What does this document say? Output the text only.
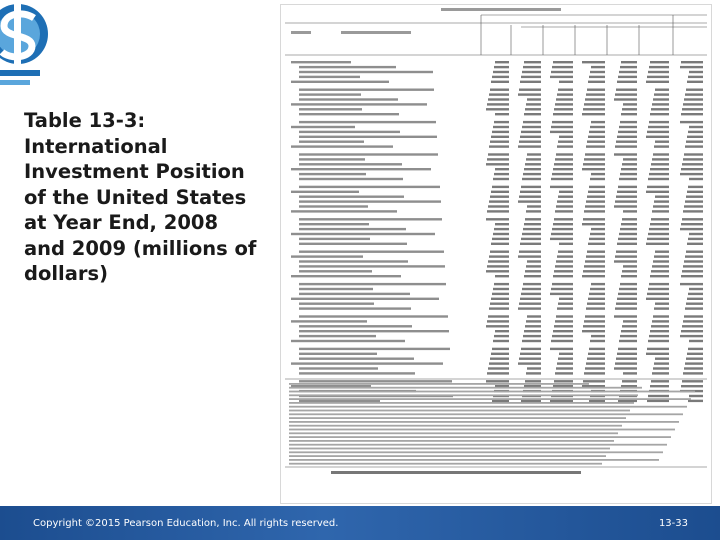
Table 13-3: International Investment Position of the United States at Year End, 2008 and 2009 (millions of dollars)
Copyright ©2015 Pearson Education, Inc. All rights reserved.	13-33
